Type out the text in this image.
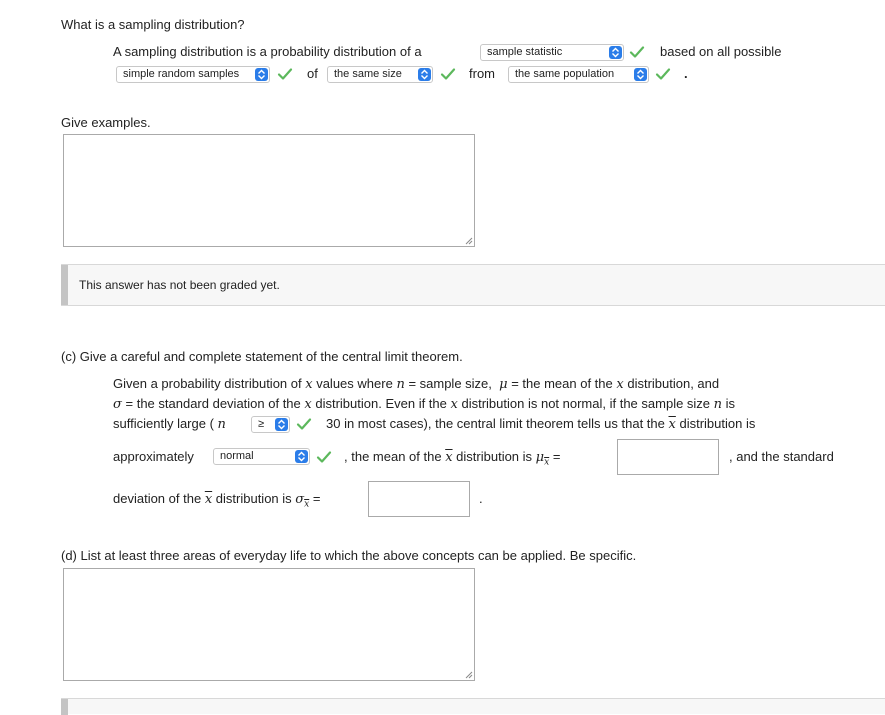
What is a sampling distribution?
A sampling distribution is a probability distribution of a	sample statistic	based on all possible
simple random samples	of	the same size	from	the same population	.
Give examples.
This answer has not been graded yet.
(c) Give a careful and complete statement of the central limit theorem.
Given a probability distribution of x values where n = sample size, μ = the mean of the x distribution, and
σ = the standard deviation of the x distribution. Even if the x distribution is not normal, if the sample size n is
sufficiently large ( n	≥	30 in most cases), the central limit theorem tells us that the $\overline{x}$ distribution is
approximately	normal	, the mean of the $\overline{x}$ distribution is $\mu_{\overline{x}}$ =	, and the standard
deviation of the $\overline{x}$ distribution is $\sigma_{\overline{x}}$ =	.
(d) List at least three areas of everyday life to which the above concepts can be applied. Be specific.
